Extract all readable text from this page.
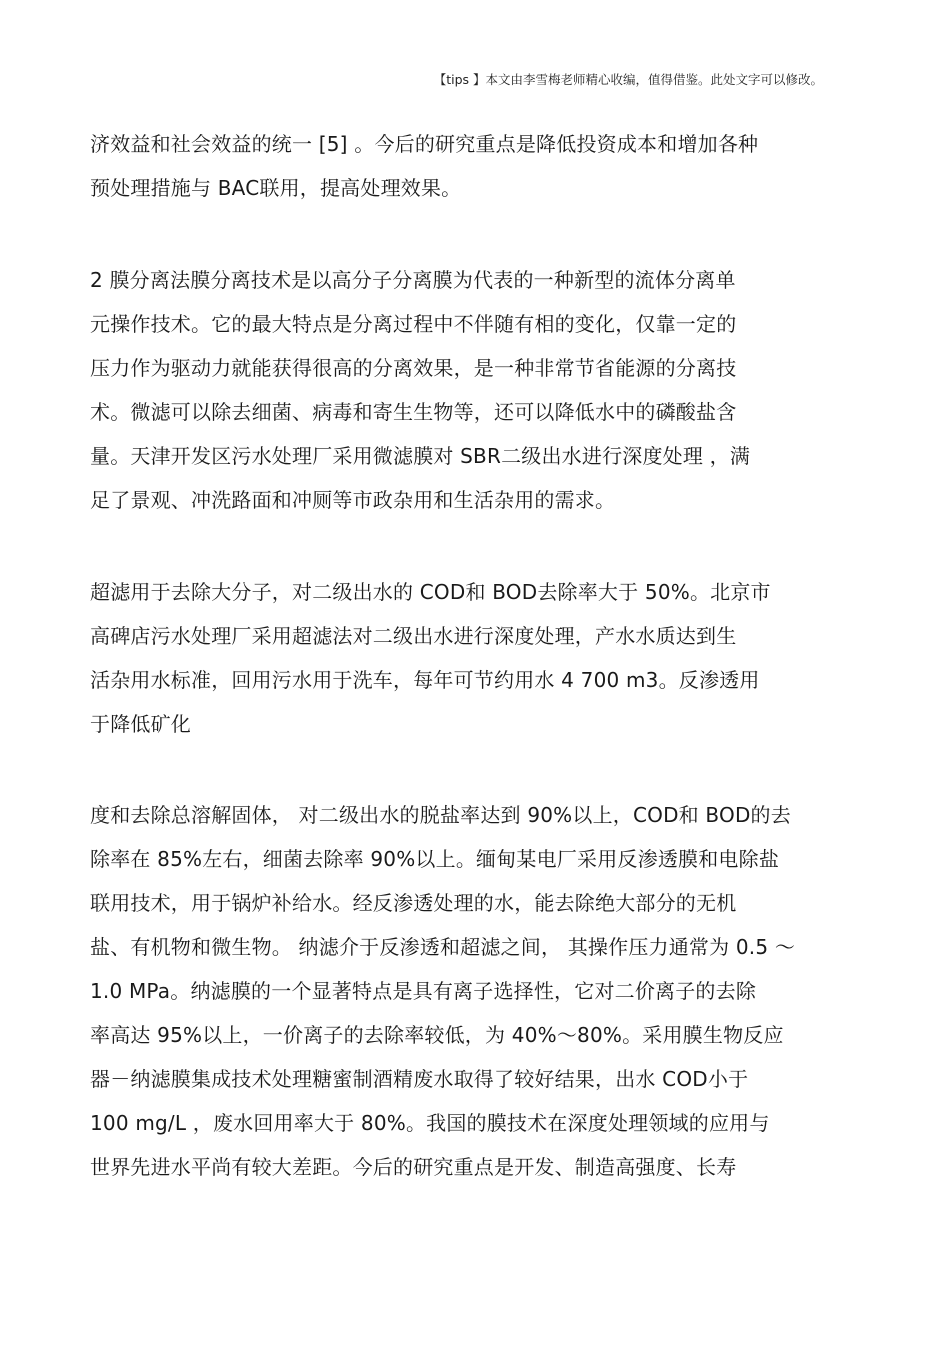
【tips 】本文由李雪梅老师精心收编，值得借鉴。此处文字可以修改。
济效益和社会效益的统一 [5] 。今后的研究重点是降低投资成本和增加各种
预处理措施与 BAC联用，提高处理效果。
2 膜分离法膜分离技术是以高分子分离膜为代表的一种新型的流体分离单
元操作技术。它的最大特点是分离过程中不伴随有相的变化，仅靠一定的
压力作为驱动力就能获得很高的分离效果，是一种非常节省能源的分离技
术。微滤可以除去细菌、病毒和寄生生物等，还可以降低水中的磷酸盐含
量。天津开发区污水处理厂采用微滤膜对 SBR二级出水进行深度处理 ，满
足了景观、冲洗路面和冲厕等市政杂用和生活杂用的需求。
超滤用于去除大分子，对二级出水的 COD和 BOD去除率大于 50%。北京市
高碑店污水处理厂采用超滤法对二级出水进行深度处理，产水水质达到生
活杂用水标准，回用污水用于洗车，每年可节约用水 4 700 m3。反渗透用
于降低矿化
度和去除总溶解固体， 对二级出水的脱盐率达到 90%以上，COD和 BOD的去
除率在 85%左右，细菌去除率 90%以上。缅甸某电厂采用反渗透膜和电除盐
联用技术，用于锅炉补给水。经反渗透处理的水，能去除绝大部分的无机
盐、有机物和微生物。 纳滤介于反渗透和超滤之间， 其操作压力通常为 0.5 ～
1.0 MPa。纳滤膜的一个显著特点是具有离子选择性，它对二价离子的去除
率高达 95%以上，一价离子的去除率较低，为 40%～80%。采用膜生物反应
器－纳滤膜集成技术处理糖蜜制酒精废水取得了较好结果，出水 COD小于
100 mg/L ，废水回用率大于 80%。我国的膜技术在深度处理领域的应用与
世界先进水平尚有较大差距。今后的研究重点是开发、制造高强度、长寿
